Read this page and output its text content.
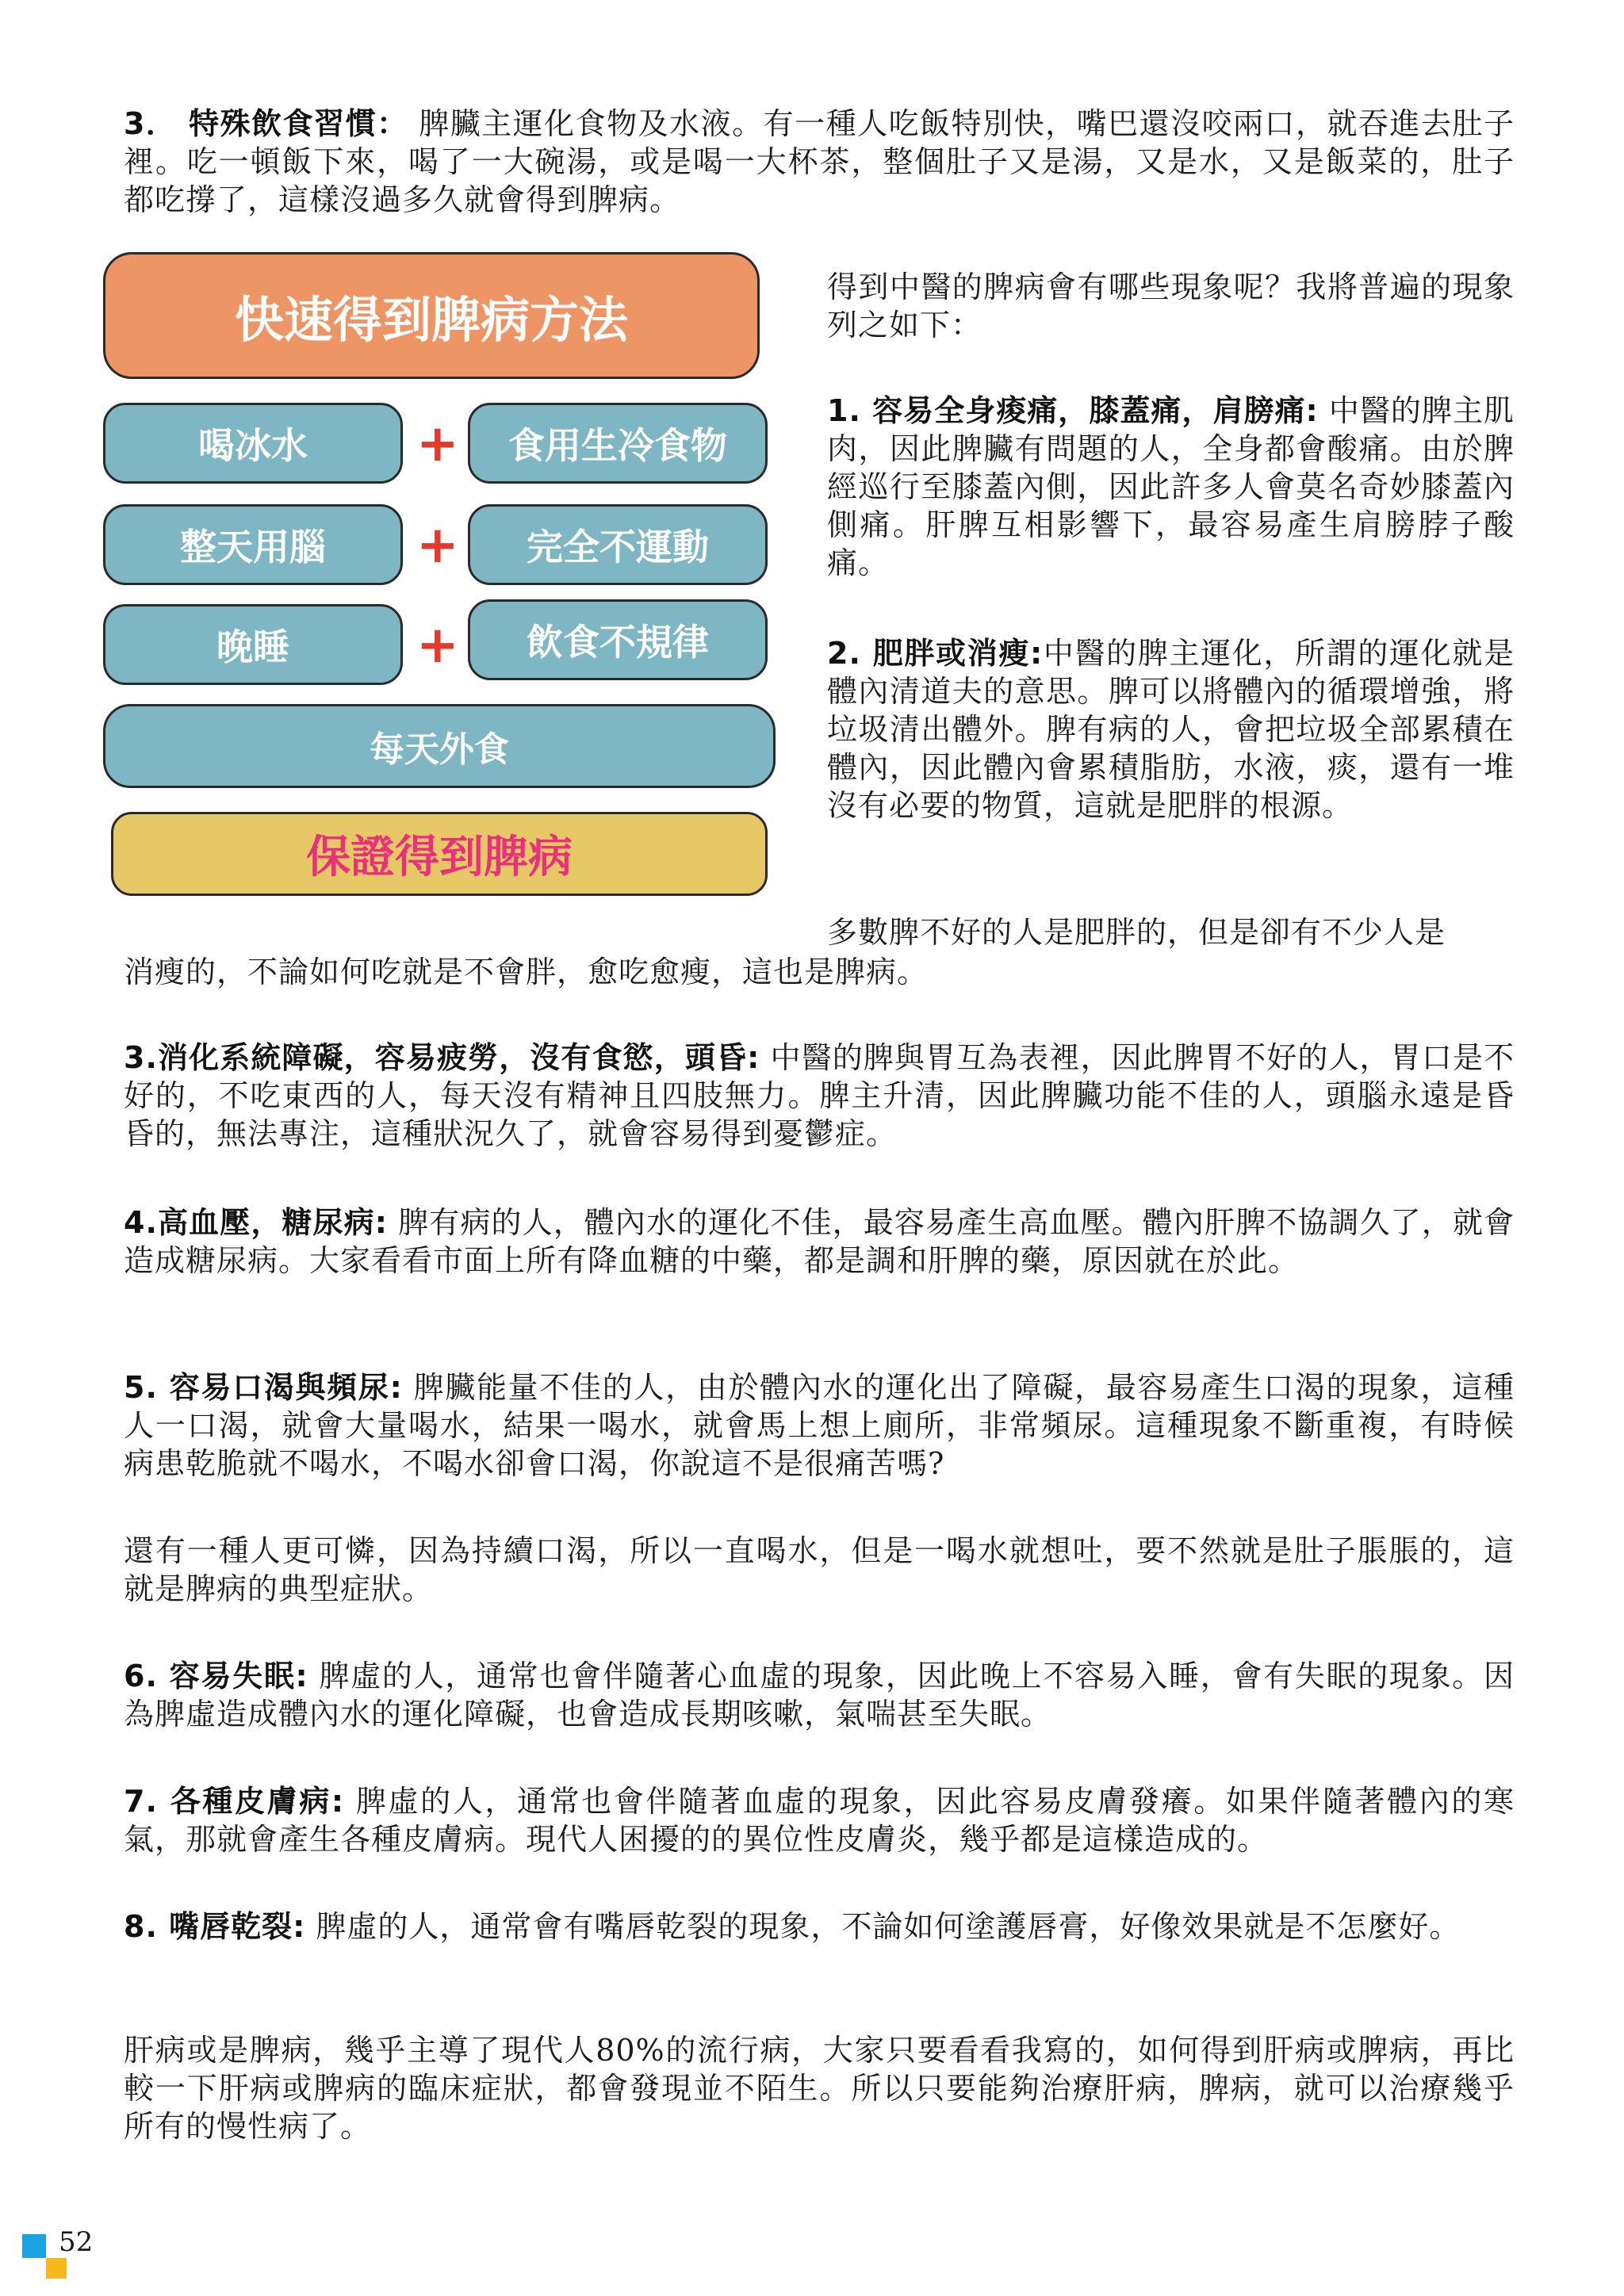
3． 特殊飲食習慣： 脾臟主運化食物及水液。有一種人吃飯特別快，嘴巴還沒咬兩口，就吞進去肚子裡。吃一頓飯下來，喝了一大碗湯，或是喝一大杯茶，整個肚子又是湯，又是水，又是飯菜的，肚子都吃撐了，這樣沒過多久就會得到脾病。

快速得到脾病方法
喝冰水	+	食用生冷食物
整天用腦	+	完全不運動
晚睡	+	飲食不規律
每天外食
保證得到脾病

得到中醫的脾病會有哪些現象呢？我將普遍的現象列之如下：

1. 容易全身痠痛，膝蓋痛，肩膀痛: 中醫的脾主肌肉，因此脾臟有問題的人，全身都會酸痛。由於脾經巡行至膝蓋內側，因此許多人會莫名奇妙膝蓋內側痛。肝脾互相影響下，最容易產生肩膀脖子酸痛。

2. 肥胖或消瘦:中醫的脾主運化，所謂的運化就是體內清道夫的意思。脾可以將體內的循環增強，將垃圾清出體外。脾有病的人，會把垃圾全部累積在體內，因此體內會累積脂肪，水液，痰，還有一堆沒有必要的物質，這就是肥胖的根源。

多數脾不好的人是肥胖的，但是卻有不少人是

消瘦的，不論如何吃就是不會胖，愈吃愈瘦，這也是脾病。

3.消化系統障礙，容易疲勞，沒有食慾，頭昏: 中醫的脾與胃互為表裡，因此脾胃不好的人，胃口是不好的，不吃東西的人，每天沒有精神且四肢無力。脾主升清，因此脾臟功能不佳的人，頭腦永遠是昏昏的，無法專注，這種狀況久了，就會容易得到憂鬱症。

4.高血壓，糖尿病: 脾有病的人，體內水的運化不佳，最容易產生高血壓。體內肝脾不協調久了，就會造成糖尿病。大家看看市面上所有降血糖的中藥，都是調和肝脾的藥，原因就在於此。

5. 容易口渴與頻尿: 脾臟能量不佳的人，由於體內水的運化出了障礙，最容易產生口渴的現象，這種人一口渴，就會大量喝水，結果一喝水，就會馬上想上廁所，非常頻尿。這種現象不斷重複，有時候病患乾脆就不喝水，不喝水卻會口渴，你說這不是很痛苦嗎?

還有一種人更可憐，因為持續口渴，所以一直喝水，但是一喝水就想吐，要不然就是肚子脹脹的，這就是脾病的典型症狀。

6. 容易失眠: 脾虛的人，通常也會伴隨著心血虛的現象，因此晚上不容易入睡，會有失眠的現象。因為脾虛造成體內水的運化障礙，也會造成長期咳嗽，氣喘甚至失眠。

7. 各種皮膚病: 脾虛的人，通常也會伴隨著血虛的現象，因此容易皮膚發癢。如果伴隨著體內的寒氣，那就會產生各種皮膚病。現代人困擾的的異位性皮膚炎，幾乎都是這樣造成的。

8. 嘴唇乾裂: 脾虛的人，通常會有嘴唇乾裂的現象，不論如何塗護唇膏，好像效果就是不怎麼好。

肝病或是脾病，幾乎主導了現代人80%的流行病，大家只要看看我寫的，如何得到肝病或脾病，再比較一下肝病或脾病的臨床症狀，都會發現並不陌生。所以只要能夠治療肝病，脾病，就可以治療幾乎所有的慢性病了。

52
